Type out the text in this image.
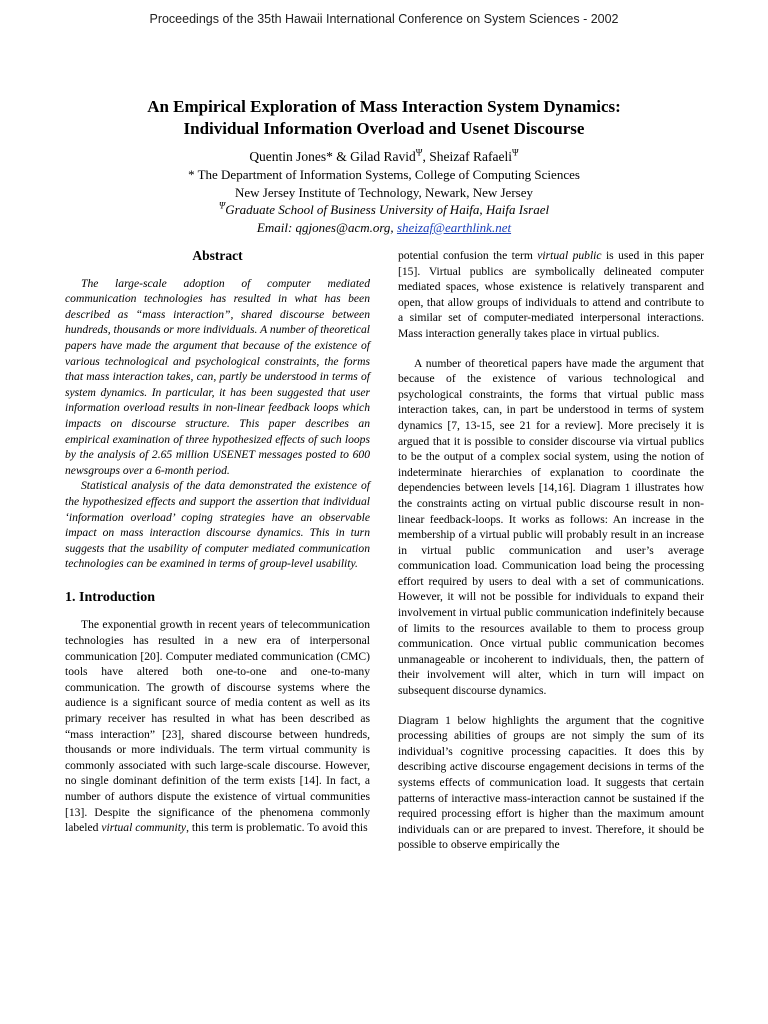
Proceedings of the 35th Hawaii International Conference on System Sciences - 2002
An Empirical Exploration of Mass Interaction System Dynamics:
Individual Information Overload and Usenet Discourse
Quentin Jones* & Gilad Ravid$^\Psi$, Sheizaf Rafaeli$^\Psi$
* The Department of Information Systems, College of Computing Sciences
New Jersey Institute of Technology, Newark, New Jersey
$^\Psi$Graduate School of Business University of Haifa, Haifa Israel
Email: qgjones@acm.org, sheizaf@earthlink.net
Abstract

The large-scale adoption of computer mediated communication technologies has resulted in what has been described as “mass interaction”, shared discourse between hundreds, thousands or more individuals. A number of theoretical papers have made the argument that because of the existence of various technological and psychological constraints, the forms that mass interaction takes, can, partly be understood in terms of system dynamics. In particular, it has been suggested that user information overload results in non-linear feedback loops which impacts on discourse structure. This paper describes an empirical examination of three hypothesized effects of such loops by the analysis of 2.65 million USENET messages posted to 600 newsgroups over a 6-month period.

Statistical analysis of the data demonstrated the existence of the hypothesized effects and support the assertion that individual ‘information overload’ coping strategies have an observable impact on mass interaction discourse dynamics. This in turn suggests that the usability of computer mediated communication technologies can be examined in terms of group-level usability.

1. Introduction

The exponential growth in recent years of telecommunication technologies has resulted in a new era of interpersonal communication [20]. Computer mediated communication (CMC) tools have altered both one-to-one and one-to-many communication. The growth of discourse systems where the audience is a significant source of media content as well as its primary receiver has resulted in what has been described as “mass interaction” [23], shared discourse between hundreds, thousands or more individuals. The term virtual community is commonly associated with such large-scale discourse. However, no single dominant definition of the term exists [14]. In fact, a number of authors dispute the existence of virtual communities [13]. Despite the significance of the phenomena commonly labeled virtual community, this term is problematic. To avoid this

potential confusion the term virtual public is used in this paper [15]. Virtual publics are symbolically delineated computer mediated spaces, whose existence is relatively transparent and open, that allow groups of individuals to attend and contribute to a similar set of computer-mediated interpersonal interactions. Mass interaction generally takes place in virtual publics.

A number of theoretical papers have made the argument that because of the existence of various technological and psychological constraints, the forms that virtual public mass interaction takes, can, in part be understood in terms of system dynamics [7, 13-15, see 21 for a review]. More precisely it is argued that it is possible to consider discourse via virtual publics to be the output of a complex social system, using the notion of indeterminate hierarchies of explanation to coordinate the dependencies between levels [14,16]. Diagram 1 illustrates how the constraints acting on virtual public discourse result in non-linear feedback-loops. It works as follows: An increase in the membership of a virtual public will probably result in an increase in virtual public communication and user’s average communication load. Communication load being the processing effort required by users to deal with a set of communications. However, it will not be possible for individuals to expand their involvement in virtual public communication indefinitely because of limits to the resources available to them to process group communication. Once virtual public communication becomes unmanageable or incoherent to individuals, then, the pattern of their involvement will alter, which in turn will impact on subsequent discourse dynamics.

Diagram 1 below highlights the argument that the cognitive processing abilities of groups are not simply the sum of its individual’s cognitive processing capacities. It does this by describing active discourse engagement decisions in terms of the systems effects of communication load. It suggests that certain patterns of interactive mass-interaction cannot be sustained if the required processing effort is higher than the maximum amount individuals can or are prepared to invest. Therefore, it should be possible to observe empirically the
